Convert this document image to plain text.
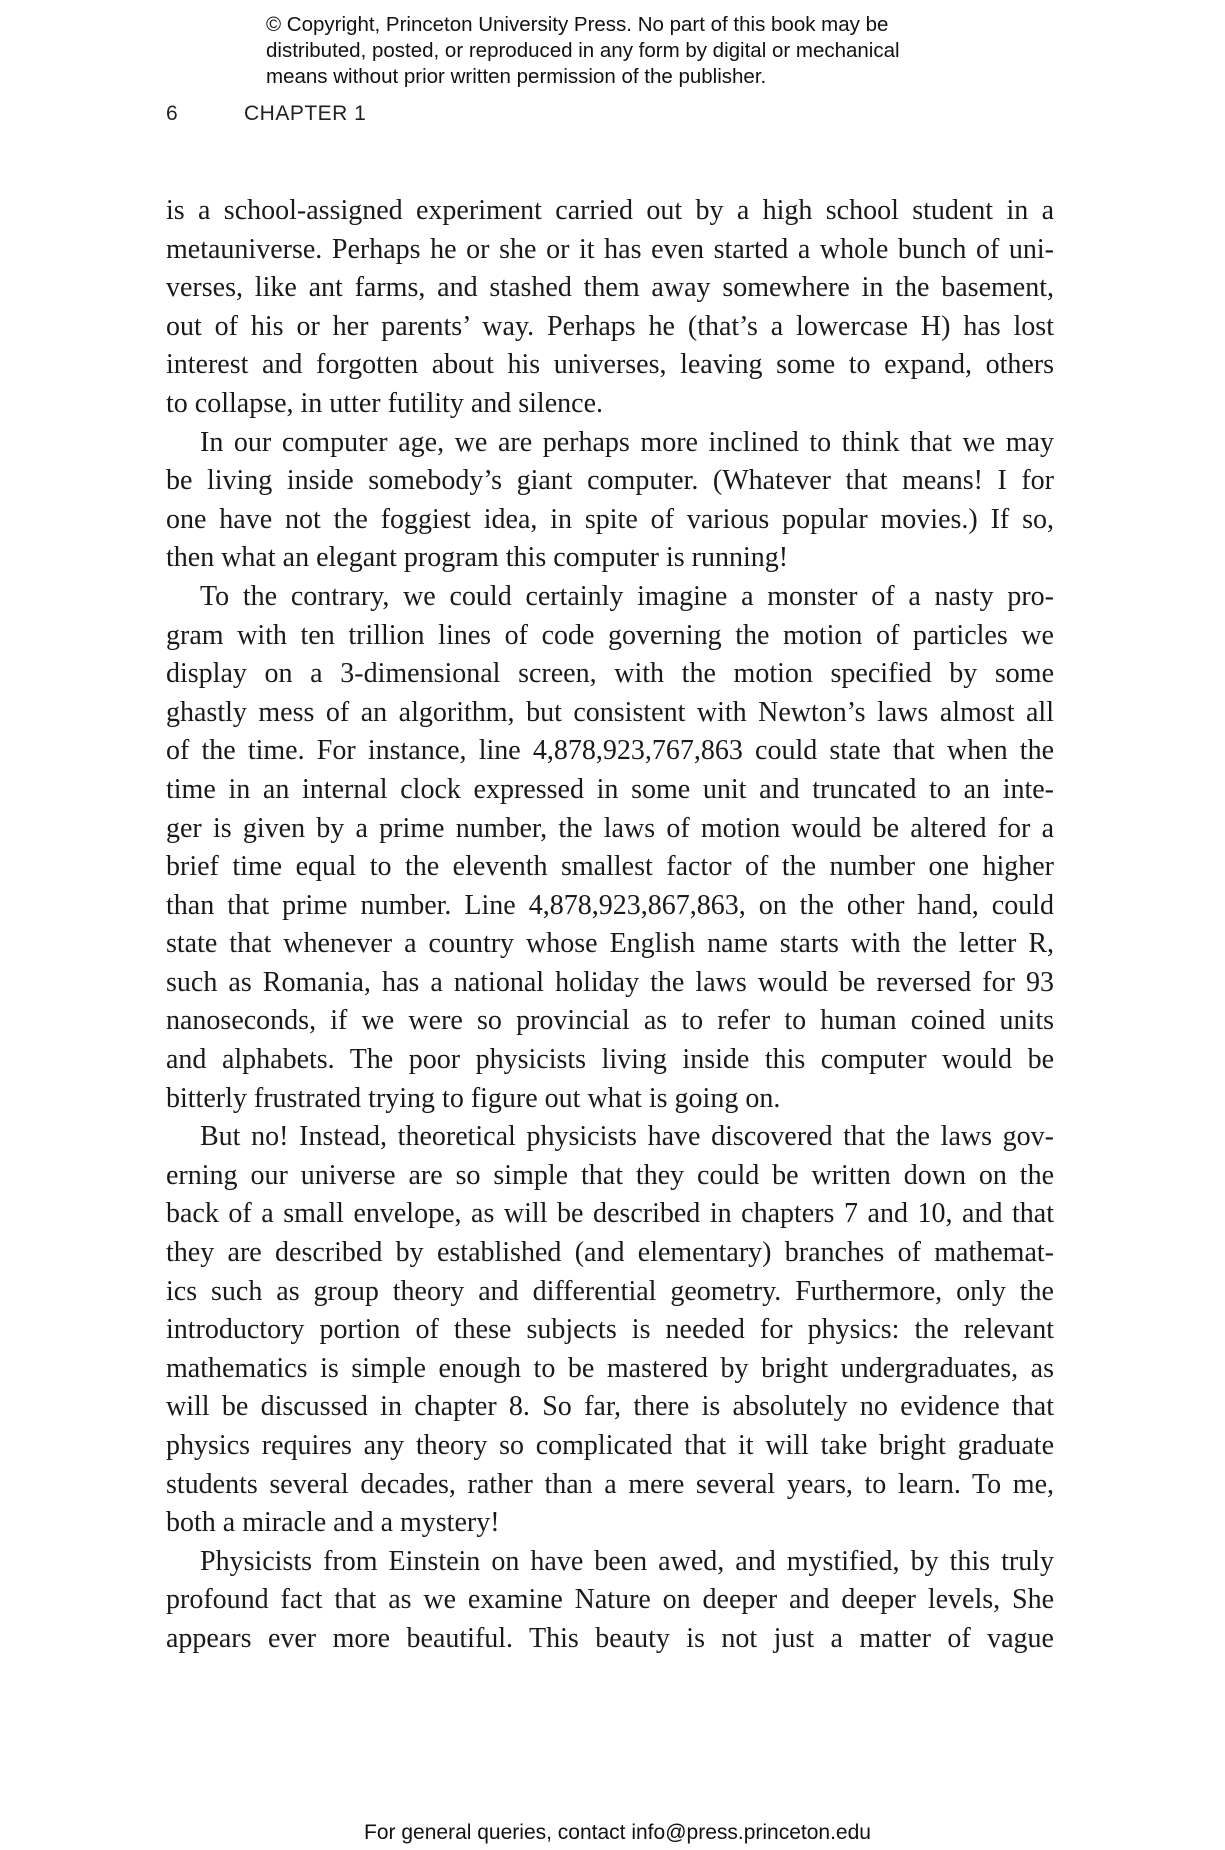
© Copyright, Princeton University Press. No part of this book may be
distributed, posted, or reproduced in any form by digital or mechanical
means without prior written permission of the publisher.
6	CHAPTER 1
is a school-assigned experiment carried out by a high school student in a
metauniverse. Perhaps he or she or it has even started a whole bunch of uni-
verses, like ant farms, and stashed them away somewhere in the basement,
out of his or her parents’ way. Perhaps he (that’s a lowercase H) has lost
interest and forgotten about his universes, leaving some to expand, others
to collapse, in utter futility and silence.
In our computer age, we are perhaps more inclined to think that we may
be living inside somebody’s giant computer. (Whatever that means! I for
one have not the foggiest idea, in spite of various popular movies.) If so,
then what an elegant program this computer is running!
To the contrary, we could certainly imagine a monster of a nasty pro-
gram with ten trillion lines of code governing the motion of particles we
display on a 3-dimensional screen, with the motion specified by some
ghastly mess of an algorithm, but consistent with Newton’s laws almost all
of the time. For instance, line 4,878,923,767,863 could state that when the
time in an internal clock expressed in some unit and truncated to an inte-
ger is given by a prime number, the laws of motion would be altered for a
brief time equal to the eleventh smallest factor of the number one higher
than that prime number. Line 4,878,923,867,863, on the other hand, could
state that whenever a country whose English name starts with the letter R,
such as Romania, has a national holiday the laws would be reversed for 93
nanoseconds, if we were so provincial as to refer to human coined units
and alphabets. The poor physicists living inside this computer would be
bitterly frustrated trying to figure out what is going on.
But no! Instead, theoretical physicists have discovered that the laws gov-
erning our universe are so simple that they could be written down on the
back of a small envelope, as will be described in chapters 7 and 10, and that
they are described by established (and elementary) branches of mathemat-
ics such as group theory and differential geometry. Furthermore, only the
introductory portion of these subjects is needed for physics: the relevant
mathematics is simple enough to be mastered by bright undergraduates, as
will be discussed in chapter 8. So far, there is absolutely no evidence that
physics requires any theory so complicated that it will take bright graduate
students several decades, rather than a mere several years, to learn. To me,
both a miracle and a mystery!
Physicists from Einstein on have been awed, and mystified, by this truly
profound fact that as we examine Nature on deeper and deeper levels, She
appears ever more beautiful. This beauty is not just a matter of vague
For general queries, contact info@press.princeton.edu
